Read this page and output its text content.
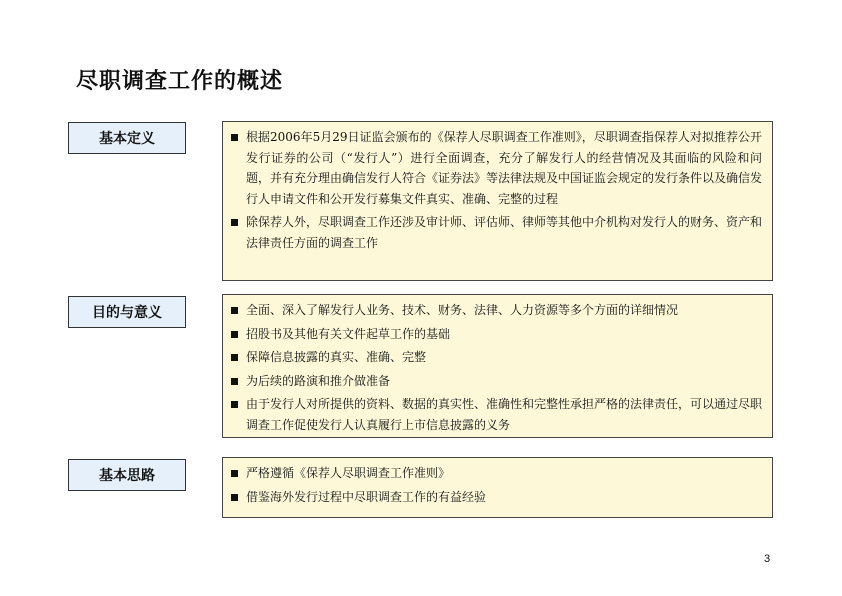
尽职调查工作的概述
基本定义	根据2006年5月29日证监会颁布的《保荐人尽职调查工作准则》，尽职调查指保荐人对拟推荐公开发行证券的公司（“发行人”）进行全面调查，充分了解发行人的经营情况及其面临的风险和问题，并有充分理由确信发行人符合《证券法》等法律法规及中国证监会规定的发行条件以及确信发行人申请文件和公开发行募集文件真实、准确、完整的过程
除保荐人外，尽职调查工作还涉及审计师、评估师、律师等其他中介机构对发行人的财务、资产和法律责任方面的调查工作
目的与意义	全面、深入了解发行人业务、技术、财务、法律、人力资源等多个方面的详细情况
招股书及其他有关文件起草工作的基础
保障信息披露的真实、准确、完整
为后续的路演和推介做准备
由于发行人对所提供的资料、数据的真实性、准确性和完整性承担严格的法律责任，可以通过尽职调查工作促使发行人认真履行上市信息披露的义务
基本思路	严格遵循《保荐人尽职调查工作准则》
借鉴海外发行过程中尽职调查工作的有益经验
3
